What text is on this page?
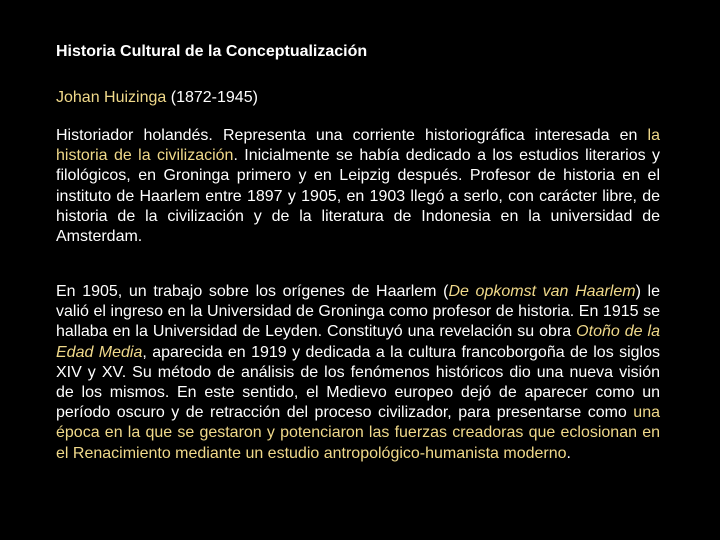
Historia Cultural de la Conceptualización
Johan Huizinga (1872-1945)
Historiador holandés. Representa una corriente historiográfica interesada en la historia de la civilización. Inicialmente se había dedicado a los estudios literarios y filológicos, en Groninga primero y en Leipzig después. Profesor de historia en el instituto de Haarlem entre 1897 y 1905, en 1903 llegó a serlo, con carácter libre, de historia de la civilización y de la literatura de Indonesia en la universidad de Amsterdam.
En 1905, un trabajo sobre los orígenes de Haarlem (De opkomst van Haarlem) le valió el ingreso en la Universidad de Groninga como profesor de historia. En 1915 se hallaba en la Universidad de Leyden. Constituyó una revelación su obra Otoño de la Edad Media, aparecida en 1919 y dedicada a la cultura francoborgoña de los siglos XIV y XV. Su método de análisis de los fenómenos históricos dio una nueva visión de los mismos. En este sentido, el Medievo europeo dejó de aparecer como un período oscuro y de retracción del proceso civilizador, para presentarse como una época en la que se gestaron y potenciaron las fuerzas creadoras que eclosionan en el Renacimiento mediante un estudio antropológico-humanista moderno.
